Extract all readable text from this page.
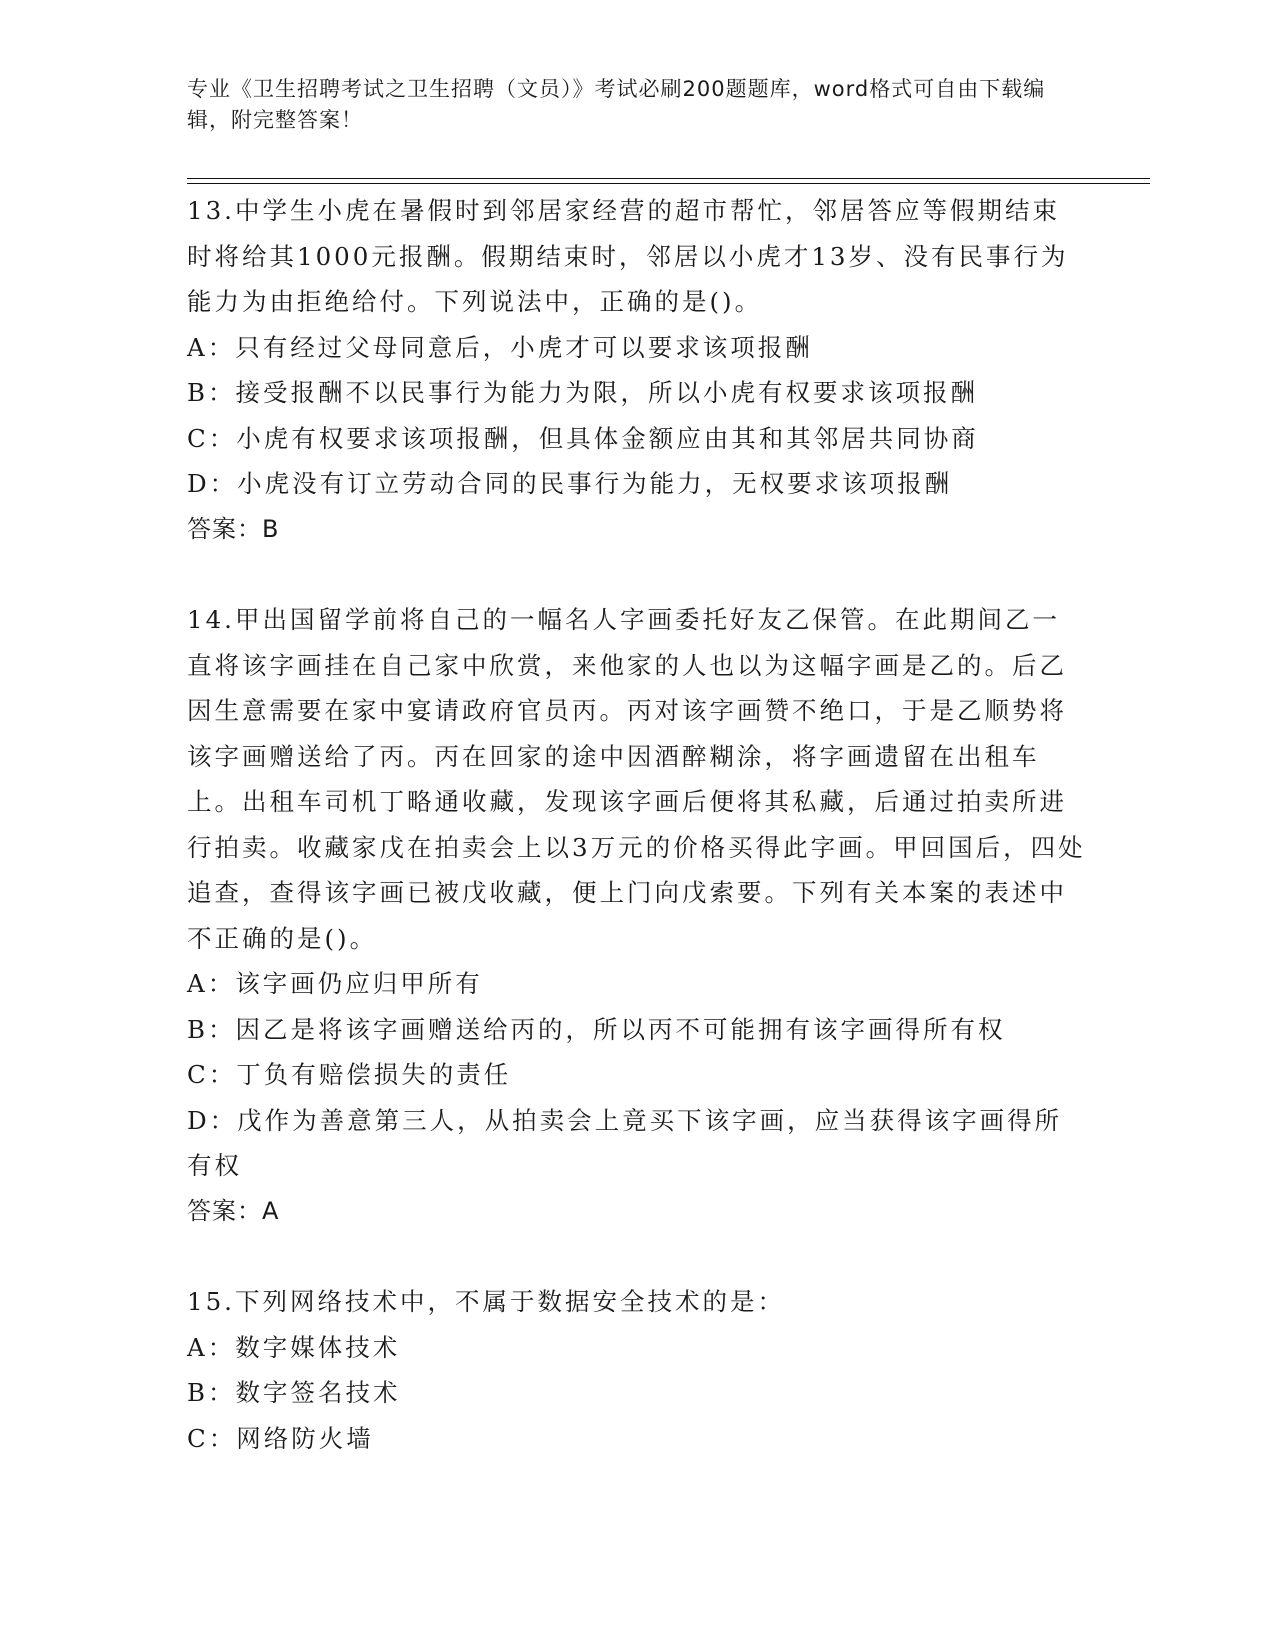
专业《卫生招聘考试之卫生招聘（文员）》考试必刷200题题库，word格式可自由下载编辑，附完整答案！
13.中学生小虎在暑假时到邻居家经营的超市帮忙，邻居答应等假期结束时将给其1000元报酬。假期结束时，邻居以小虎才13岁、没有民事行为能力为由拒绝给付。下列说法中，正确的是()。
A：只有经过父母同意后，小虎才可以要求该项报酬
B：接受报酬不以民事行为能力为限，所以小虎有权要求该项报酬
C：小虎有权要求该项报酬，但具体金额应由其和其邻居共同协商
D：小虎没有订立劳动合同的民事行为能力，无权要求该项报酬
答案：B
14.甲出国留学前将自己的一幅名人字画委托好友乙保管。在此期间乙一直将该字画挂在自己家中欣赏，来他家的人也以为这幅字画是乙的。后乙因生意需要在家中宴请政府官员丙。丙对该字画赞不绝口，于是乙顺势将该字画赠送给了丙。丙在回家的途中因酒醉糊涂，将字画遗留在出租车上。出租车司机丁略通收藏，发现该字画后便将其私藏，后通过拍卖所进行拍卖。收藏家戊在拍卖会上以3万元的价格买得此字画。甲回国后，四处追查，查得该字画已被戊收藏，便上门向戊索要。下列有关本案的表述中不正确的是()。
A：该字画仍应归甲所有
B：因乙是将该字画赠送给丙的，所以丙不可能拥有该字画得所有权
C：丁负有赔偿损失的责任
D：戊作为善意第三人，从拍卖会上竟买下该字画，应当获得该字画得所有权
答案：A
15.下列网络技术中，不属于数据安全技术的是：
A：数字媒体技术
B：数字签名技术
C：网络防火墙
